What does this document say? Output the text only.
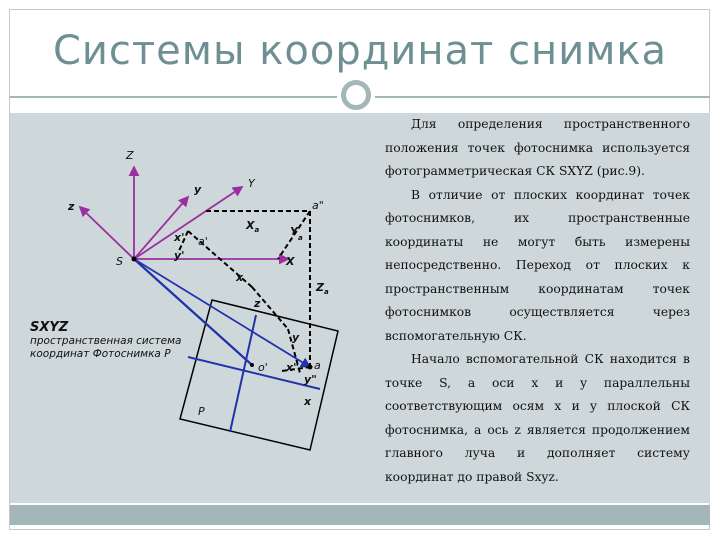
Системы координат снимка
Z
z
y	Y
a"
$X_a$
x' a'
$Y_a$
y'
S	X
x
$Z_a$
z
y
o'	a
x"
y"
x
P
SXYZ
пространственная система координат Фотоснимка Р

Для определения пространственного положения точек фотоснимка используется фотограмметрическая СК SXYZ (рис.9).

В отличие от плоских координат точек фотоснимков, их пространственные координаты не могут быть измерены непосредственно. Переход от плоских к пространственным координатам точек фотоснимков осуществляется через вспомогательную СК.

Начало вспомогательной СК находится в точке S, а оси x и y параллельны соответствующим осям x и y плоской СК фотоснимка, а ось z является продолжением главного луча и дополняет систему координат до правой Sxyz.
